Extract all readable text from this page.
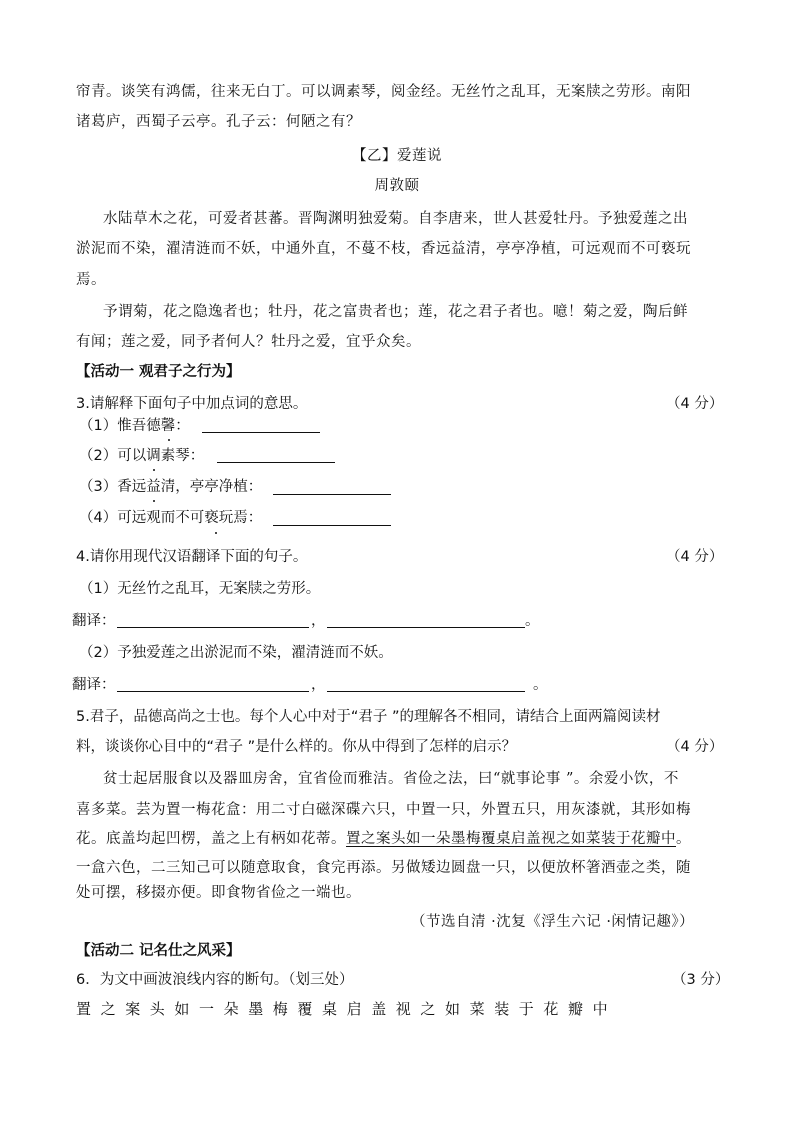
帘青。谈笑有鸿儒，往来无白丁。可以调素琴，阅金经。无丝竹之乱耳，无案牍之劳形。南阳
诸葛庐，西蜀子云亭。孔子云：何陋之有？
【乙】爱莲说
周敦颐
水陆草木之花，可爱者甚蕃。晋陶渊明独爱菊。自李唐来，世人甚爱牡丹。予独爱莲之出
淤泥而不染，濯清涟而不妖，中通外直，不蔓不枝，香远益清，亭亭净植，可远观而不可亵玩
焉。
予谓菊，花之隐逸者也；牡丹，花之富贵者也；莲，花之君子者也。噫！菊之爱，陶后鲜
有闻；莲之爱，同予者何人？牡丹之爱，宜乎众矣。
【活动一 观君子之行为】
3.请解释下面句子中加点词的意思。	（4 分）
（1）惟吾德馨：
（2）可以调素琴：
（3）香远益清，亭亭净植：
（4）可远观而不可亵玩焉：
4.请你用现代汉语翻译下面的句子。	（4 分）
（1）无丝竹之乱耳，无案牍之劳形。
翻译：	，	。
（2）予独爱莲之出淤泥而不染，濯清涟而不妖。
翻译：	，	。
5.君子，品德高尚之士也。每个人心中对于“君子 ”的理解各不相同，请结合上面两篇阅读材
料，谈谈你心目中的“君子 ”是什么样的。你从中得到了怎样的启示？	（4 分）
贫士起居服食以及器皿房舍，宜省俭而雅洁。省俭之法，曰“就事论事 ”。余爱小饮，不
喜多菜。芸为置一梅花盒：用二寸白磁深碟六只，中置一只，外置五只，用灰漆就，其形如梅
花。底盖均起凹楞，盖之上有柄如花蒂。置之案头如一朵墨梅覆桌启盖视之如菜装于花瓣中。
一盒六色，二三知己可以随意取食，食完再添。另做矮边圆盘一只，以便放杯箸酒壶之类，随
处可摆，移掇亦便。即食物省俭之一端也。
（节选自清 ·沈复《浮生六记 ·闲情记趣》）
【活动二 记名仕之风采】
6．为文中画波浪线内容的断句。（划三处）	（3 分）
置之案头如一朵墨梅覆桌启盖视之如菜装于花瓣中
